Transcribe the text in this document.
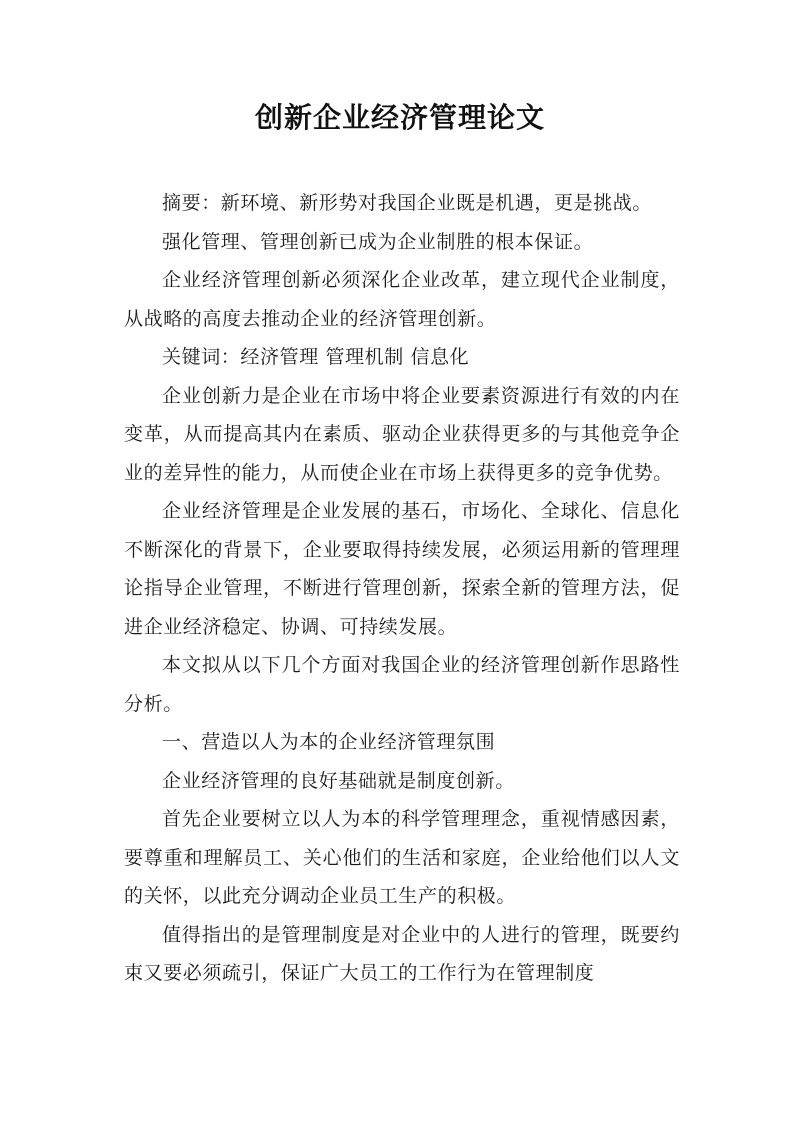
创新企业经济管理论文

摘要：新环境、新形势对我国企业既是机遇，更是挑战。

强化管理、管理创新已成为企业制胜的根本保证。

企业经济管理创新必须深化企业改革，建立现代企业制度，从战略的高度去推动企业的经济管理创新。

关键词：经济管理 管理机制 信息化

企业创新力是企业在市场中将企业要素资源进行有效的内在变革，从而提高其内在素质、驱动企业获得更多的与其他竞争企业的差异性的能力，从而使企业在市场上获得更多的竞争优势。

企业经济管理是企业发展的基石，市场化、全球化、信息化不断深化的背景下，企业要取得持续发展，必须运用新的管理理论指导企业管理，不断进行管理创新，探索全新的管理方法，促进企业经济稳定、协调、可持续发展。

本文拟从以下几个方面对我国企业的经济管理创新作思路性分析。

一、营造以人为本的企业经济管理氛围

企业经济管理的良好基础就是制度创新。

首先企业要树立以人为本的科学管理理念，重视情感因素，要尊重和理解员工、关心他们的生活和家庭，企业给他们以人文的关怀，以此充分调动企业员工生产的积极。

值得指出的是管理制度是对企业中的人进行的管理，既要约束又要必须疏引，保证广大员工的工作行为在管理制度
